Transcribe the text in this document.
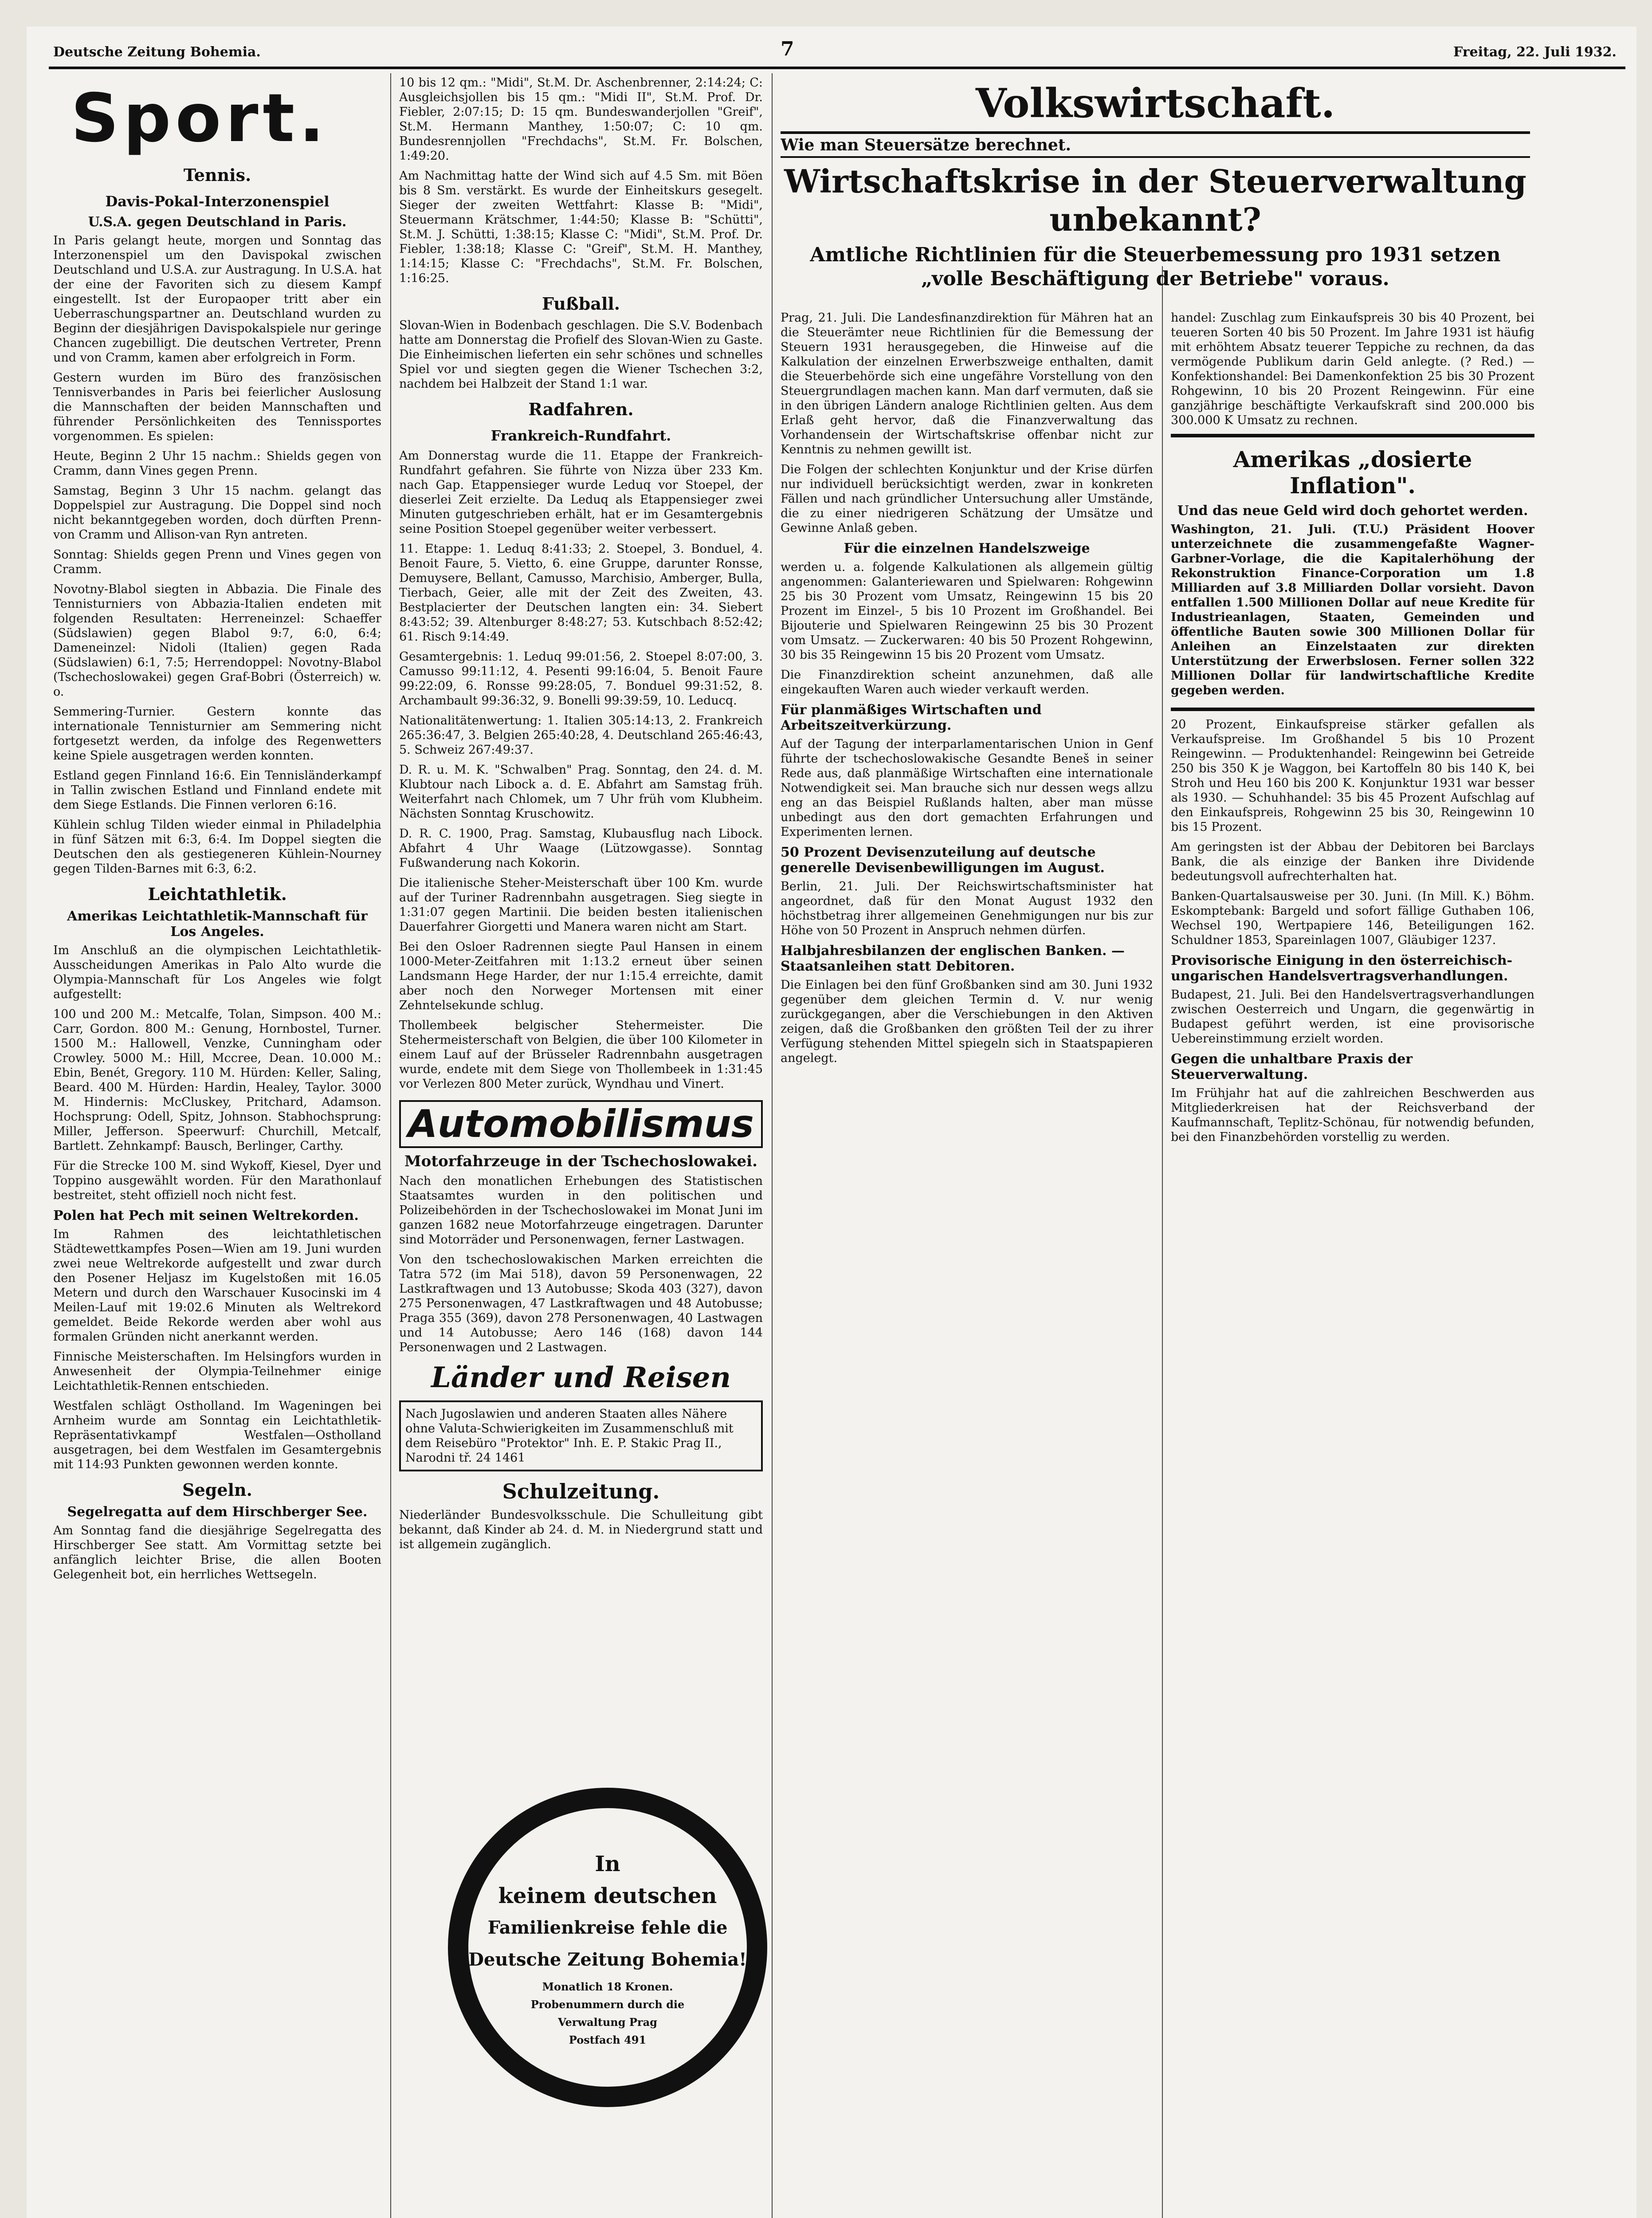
Deutsche Zeitung Bohemia.	7	Freitag, 22. Juli 1932.
Sport.
Tennis.
Davis-Pokal-Interzonenspiel
U.S.A. gegen Deutschland in Paris.

In Paris gelangt heute, morgen und Sonntag das Interzonenspiel um den Davispokal zwischen Deutschland und U.S.A. zur Austragung. In U.S.A. hat der eine der Favoriten sich zu diesem Kampf eingestellt. Ist der Europaoper tritt aber ein Ueberraschungspartner an. Deutschland wurden zu Beginn der diesjährigen Davispokalspiele nur geringe Chancen zugebilligt. Die deutschen Vertreter, Prenn und von Cramm, kamen aber erfolgreich in Form.

Gestern wurden im Büro des französischen Tennisverbandes in Paris bei feierlicher Auslosung die Mannschaften der beiden Mannschaften und führender Persönlichkeiten des Tennissportes vorgenommen. Es spielen:

Heute, Beginn 2 Uhr 15 nachm.: Shields gegen von Cramm, dann Vines gegen Prenn.

Samstag, Beginn 3 Uhr 15 nachm. gelangt das Doppelspiel zur Austragung. Die Doppel sind noch nicht bekanntgegeben worden, doch dürften Prenn-von Cramm und Allison-van Ryn antreten.

Sonntag: Shields gegen Prenn und Vines gegen von Cramm.

Novotny-Blabol siegten in Abbazia. Die Finale des Tennisturniers von Abbazia-Italien endeten mit folgenden Resultaten: Herreneinzel: Schaeffer (Südslawien) gegen Blabol 9:7, 6:0, 6:4; Dameneinzel: Nidoli (Italien) gegen Rada (Südslawien) 6:1, 7:5; Herrendoppel: Novotny-Blabol (Tschechoslowakei) gegen Graf-Bobri (Österreich) w. o.

Semmering-Turnier. Gestern konnte das internationale Tennisturnier am Semmering nicht fortgesetzt werden, da infolge des Regenwetters keine Spiele ausgetragen werden konnten.

Estland gegen Finnland 16:6. Ein Tennisländerkampf in Tallin zwischen Estland und Finnland endete mit dem Siege Estlands. Die Finnen verloren 6:16.

Kühlein schlug Tilden wieder einmal in Philadelphia in fünf Sätzen mit 6:3, 6:4. Im Doppel siegten die Deutschen den als gestiegeneren Kühlein-Nourney gegen Tilden-Barnes mit 6:3, 6:2.

Leichtathletik.
Amerikas Leichtathletik-Mannschaft für Los Angeles.

Im Anschluß an die olympischen Leichtathletik-Ausscheidungen Amerikas in Palo Alto wurde die Olympia-Mannschaft für Los Angeles wie folgt aufgestellt:

100 und 200 M.: Metcalfe, Tolan, Simpson. 400 M.: Carr, Gordon. 800 M.: Genung, Hornbostel, Turner. 1500 M.: Hallowell, Venzke, Cunningham oder Crowley. 5000 M.: Hill, Mccree, Dean. 10.000 M.: Ebin, Benét, Gregory. 110 M. Hürden: Keller, Saling, Beard. 400 M. Hürden: Hardin, Healey, Taylor. 3000 M. Hindernis: McCluskey, Pritchard, Adamson. Hochsprung: Odell, Spitz, Johnson. Stabhochsprung: Miller, Jefferson. Speerwurf: Churchill, Metcalf, Bartlett. Zehnkampf: Bausch, Berlinger, Carthy.

Für die Strecke 100 M. sind Wykoff, Kiesel, Dyer und Toppino ausgewählt worden. Für den Marathonlauf bestreitet, steht offiziell noch nicht fest.

Polen hat Pech mit seinen Weltrekorden.

Im Rahmen des leichtathletischen Städtewettkampfes Posen—Wien am 19. Juni wurden zwei neue Weltrekorde aufgestellt und zwar durch den Posener Heljasz im Kugelstoßen mit 16.05 Metern und durch den Warschauer Kusocinski im 4 Meilen-Lauf mit 19:02.6 Minuten als Weltrekord gemeldet. Beide Rekorde werden aber wohl aus formalen Gründen nicht anerkannt werden.

Finnische Meisterschaften. Im Helsingfors wurden in Anwesenheit der Olympia-Teilnehmer einige Leichtathletik-Rennen entschieden.

Westfalen schlägt Ostholland. Im Wageningen bei Arnheim wurde am Sonntag ein Leichtathletik-Repräsentativkampf Westfalen—Ostholland ausgetragen, bei dem Westfalen im Gesamtergebnis mit 114:93 Punkten gewonnen werden konnte.

Segeln.
Segelregatta auf dem Hirschberger See.

Am Sonntag fand die diesjährige Segelregatta des Hirschberger See statt. Am Vormittag setzte bei anfänglich leichter Brise, die allen Booten Gelegenheit bot, ein herrliches Wettsegeln.

10 bis 12 qm.: "Midi", St.M. Dr. Aschenbrenner, 2:14:24; C: Ausgleichsjollen bis 15 qm.: "Midi II", St.M. Prof. Dr. Fiebler, 2:07:15; D: 15 qm. Bundeswanderjollen "Greif", St.M. Hermann Manthey, 1:50:07; C: 10 qm. Bundesrennjollen "Frechdachs", St.M. Fr. Bolschen, 1:49:20.

Am Nachmittag hatte der Wind sich auf 4.5 Sm. mit Böen bis 8 Sm. verstärkt. Es wurde der Einheitskurs gesegelt. Sieger der zweiten Wettfahrt: Klasse B: "Midi", Steuermann Krätschmer, 1:44:50; Klasse B: "Schütti", St.M. J. Schütti, 1:38:15; Klasse C: "Midi", St.M. Prof. Dr. Fiebler, 1:38:18; Klasse C: "Greif", St.M. H. Manthey, 1:14:15; Klasse C: "Frechdachs", St.M. Fr. Bolschen, 1:16:25.

Fußball.

Slovan-Wien in Bodenbach geschlagen. Die S.V. Bodenbach hatte am Donnerstag die Profielf des Slovan-Wien zu Gaste. Die Einheimischen lieferten ein sehr schönes und schnelles Spiel vor und siegten gegen die Wiener Tschechen 3:2, nachdem bei Halbzeit der Stand 1:1 war.

Radfahren.
Frankreich-Rundfahrt.

Am Donnerstag wurde die 11. Etappe der Frankreich-Rundfahrt gefahren. Sie führte von Nizza über 233 Km. nach Gap. Etappensieger wurde Leduq vor Stoepel, der dieserlei Zeit erzielte. Da Leduq als Etappensieger zwei Minuten gutgeschrieben erhält, hat er im Gesamtergebnis seine Position Stoepel gegenüber weiter verbessert.

11. Etappe: 1. Leduq 8:41:33; 2. Stoepel, 3. Bonduel, 4. Benoit Faure, 5. Vietto, 6. eine Gruppe, darunter Ronsse, Demuysere, Bellant, Camusso, Marchisio, Amberger, Bulla, Tierbach, Geier, alle mit der Zeit des Zweiten, 43. Bestplacierter der Deutschen langten ein: 34. Siebert 8:43:52; 39. Altenburger 8:48:27; 53. Kutschbach 8:52:42; 61. Risch 9:14:49.

Gesamtergebnis: 1. Leduq 99:01:56, 2. Stoepel 8:07:00, 3. Camusso 99:11:12, 4. Pesenti 99:16:04, 5. Benoit Faure 99:22:09, 6. Ronsse 99:28:05, 7. Bonduel 99:31:52, 8. Archambault 99:36:32, 9. Bonelli 99:39:59, 10. Leducq.

Nationalitätenwertung: 1. Italien 305:14:13, 2. Frankreich 265:36:47, 3. Belgien 265:40:28, 4. Deutschland 265:46:43, 5. Schweiz 267:49:37.

D. R. u. M. K. "Schwalben" Prag. Sonntag, den 24. d. M. Klubtour nach Libock a. d. E. Abfahrt am Samstag früh. Weiterfahrt nach Chlomek, um 7 Uhr früh vom Klubheim. Nächsten Sonntag Kruschowitz.

D. R. C. 1900, Prag. Samstag, Klubausflug nach Libock. Abfahrt 4 Uhr Waage (Lützowgasse). Sonntag Fußwanderung nach Kokorin.

Die italienische Steher-Meisterschaft über 100 Km. wurde auf der Turiner Radrennbahn ausgetragen. Sieg siegte in 1:31:07 gegen Martinii. Die beiden besten italienischen Dauerfahrer Giorgetti und Manera waren nicht am Start.

Bei den Osloer Radrennen siegte Paul Hansen in einem 1000-Meter-Zeitfahren mit 1:13.2 erneut über seinen Landsmann Hege Harder, der nur 1:15.4 erreichte, damit aber noch den Norweger Mortensen mit einer Zehntelsekunde schlug.

Thollembeek belgischer Stehermeister. Die Stehermeisterschaft von Belgien, die über 100 Kilometer in einem Lauf auf der Brüsseler Radrennbahn ausgetragen wurde, endete mit dem Siege von Thollembeek in 1:31:45 vor Verlezen 800 Meter zurück, Wyndhau und Vinert.

Automobilismus
Motorfahrzeuge in der Tschechoslowakei.

Nach den monatlichen Erhebungen des Statistischen Staatsamtes wurden in den politischen und Polizeibehörden in der Tschechoslowakei im Monat Juni im ganzen 1682 neue Motorfahrzeuge eingetragen. Darunter sind Motorräder und Personenwagen, ferner Lastwagen.

Von den tschechoslowakischen Marken erreichten die Tatra 572 (im Mai 518), davon 59 Personenwagen, 22 Lastkraftwagen und 13 Autobusse; Skoda 403 (327), davon 275 Personenwagen, 47 Lastkraftwagen und 48 Autobusse; Praga 355 (369), davon 278 Personenwagen, 40 Lastwagen und 14 Autobusse; Aero 146 (168) davon 144 Personenwagen und 2 Lastwagen.

Länder und Reisen
Nach Jugoslawien und anderen Staaten alles Nähere ohne Valuta-Schwierigkeiten im Zusammenschluß mit dem Reisebüro "Protektor" Inh. E. P. Stakic Prag II., Narodni tř. 24 1461
Schulzeitung.

Niederländer Bundesvolksschule. Die Schulleitung gibt bekannt, daß Kinder ab 24. d. M. in Niedergrund statt und ist allgemein zugänglich.

In
keinem deutschen
Familienkreise fehle die
Deutsche Zeitung Bohemia!
Monatlich 18 Kronen.
Probenummern durch die
Verwaltung Prag
Postfach 491
Volkswirtschaft.
Wie man Steuersätze berechnet.
Wirtschaftskrise in der Steuerverwaltung unbekannt?
Amtliche Richtlinien für die Steuerbemessung pro 1931 setzen „volle Beschäftigung der Betriebe" voraus.

Prag, 21. Juli. Die Landesfinanzdirektion für Mähren hat an die Steuerämter neue Richtlinien für die Bemessung der Steuern 1931 herausgegeben, die Hinweise auf die Kalkulation der einzelnen Erwerbszweige enthalten, damit die Steuerbehörde sich eine ungefähre Vorstellung von den Steuergrundlagen machen kann. Man darf vermuten, daß sie in den übrigen Ländern analoge Richtlinien gelten. Aus dem Erlaß geht hervor, daß die Finanzverwaltung das Vorhandensein der Wirtschaftskrise offenbar nicht zur Kenntnis zu nehmen gewillt ist.

Die Folgen der schlechten Konjunktur und der Krise dürfen nur individuell berücksichtigt werden, zwar in konkreten Fällen und nach gründlicher Untersuchung aller Umstände, die zu einer niedrigeren Schätzung der Umsätze und Gewinne Anlaß geben.

Für die einzelnen Handelszweige

werden u. a. folgende Kalkulationen als allgemein gültig angenommen: Galanteriewaren und Spielwaren: Rohgewinn 25 bis 30 Prozent vom Umsatz, Reingewinn 15 bis 20 Prozent im Einzel-, 5 bis 10 Prozent im Großhandel. Bei Bijouterie und Spielwaren Reingewinn 25 bis 30 Prozent vom Umsatz. — Zuckerwaren: 40 bis 50 Prozent Rohgewinn, 30 bis 35 Reingewinn 15 bis 20 Prozent vom Umsatz.

Die Finanzdirektion scheint anzunehmen, daß alle eingekauften Waren auch wieder verkauft werden.

Für planmäßiges Wirtschaften und Arbeitszeitverkürzung.

Auf der Tagung der interparlamentarischen Union in Genf führte der tschechoslowakische Gesandte Beneš in seiner Rede aus, daß planmäßige Wirtschaften eine internationale Notwendigkeit sei. Man brauche sich nur dessen wegs allzu eng an das Beispiel Rußlands halten, aber man müsse unbedingt aus den dort gemachten Erfahrungen und Experimenten lernen.

50 Prozent Devisenzuteilung auf deutsche generelle Devisenbewilligungen im August.

Berlin, 21. Juli. Der Reichswirtschaftsminister hat angeordnet, daß für den Monat August 1932 den höchstbetrag ihrer allgemeinen Genehmigungen nur bis zur Höhe von 50 Prozent in Anspruch nehmen dürfen.

Halbjahresbilanzen der englischen Banken. — Staatsanleihen statt Debitoren.

Die Einlagen bei den fünf Großbanken sind am 30. Juni 1932 gegenüber dem gleichen Termin d. V. nur wenig zurückgegangen, aber die Verschiebungen in den Aktiven zeigen, daß die Großbanken den größten Teil der zu ihrer Verfügung stehenden Mittel spiegeln sich in Staatspapieren angelegt.

handel: Zuschlag zum Einkaufspreis 30 bis 40 Prozent, bei teueren Sorten 40 bis 50 Prozent. Im Jahre 1931 ist häufig mit erhöhtem Absatz teuerer Teppiche zu rechnen, da das vermögende Publikum darin Geld anlegte. (? Red.) — Konfektionshandel: Bei Damenkonfektion 25 bis 30 Prozent Rohgewinn, 10 bis 20 Prozent Reingewinn. Für eine ganzjährige beschäftigte Verkaufskraft sind 200.000 bis 300.000 K Umsatz zu rechnen.

Amerikas „dosierte Inflation".
Und das neue Geld wird doch gehortet werden.

Washington, 21. Juli. (T.U.) Präsident Hoover unterzeichnete die zusammengefaßte Wagner-Garbner-Vorlage, die die Kapitalerhöhung der Rekonstruktion Finance-Corporation um 1.8 Milliarden auf 3.8 Milliarden Dollar vorsieht. Davon entfallen 1.500 Millionen Dollar auf neue Kredite für Industrieanlagen, Staaten, Gemeinden und öffentliche Bauten sowie 300 Millionen Dollar für Anleihen an Einzelstaaten zur direkten Unterstützung der Erwerbslosen. Ferner sollen 322 Millionen Dollar für landwirtschaftliche Kredite gegeben werden.

20 Prozent, Einkaufspreise stärker gefallen als Verkaufspreise. Im Großhandel 5 bis 10 Prozent Reingewinn. — Produktenhandel: Reingewinn bei Getreide 250 bis 350 K je Waggon, bei Kartoffeln 80 bis 140 K, bei Stroh und Heu 160 bis 200 K. Konjunktur 1931 war besser als 1930. — Schuhhandel: 35 bis 45 Prozent Aufschlag auf den Einkaufspreis, Rohgewinn 25 bis 30, Reingewinn 10 bis 15 Prozent.

Am geringsten ist der Abbau der Debitoren bei Barclays Bank, die als einzige der Banken ihre Dividende bedeutungsvoll aufrechterhalten hat.

Banken-Quartalsausweise per 30. Juni. (In Mill. K.) Böhm. Eskomptebank: Bargeld und sofort fällige Guthaben 106, Wechsel 190, Wertpapiere 146, Beteiligungen 162. Schuldner 1853, Spareinlagen 1007, Gläubiger 1237.

Provisorische Einigung in den österreichisch-ungarischen Handelsvertragsverhandlungen.

Budapest, 21. Juli. Bei den Handelsvertragsverhandlungen zwischen Oesterreich und Ungarn, die gegenwärtig in Budapest geführt werden, ist eine provisorische Uebereinstimmung erzielt worden.

Gegen die unhaltbare Praxis der Steuerverwaltung.

Im Frühjahr hat auf die zahlreichen Beschwerden aus Mitgliederkreisen hat der Reichsverband der Kaufmannschaft, Teplitz-Schönau, für notwendig befunden, bei den Finanzbehörden vorstellig zu werden.
